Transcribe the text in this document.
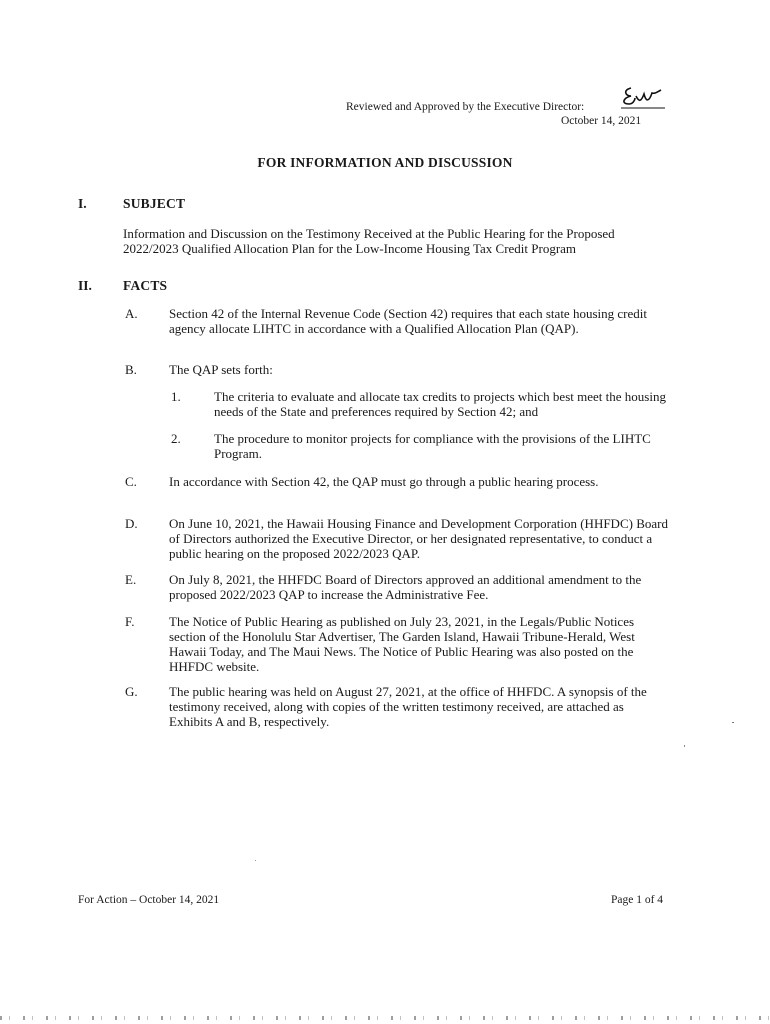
Reviewed and Approved by the Executive Director:
October 14, 2021
FOR INFORMATION AND DISCUSSION
I.	SUBJECT
Information and Discussion on the Testimony Received at the Public Hearing for the Proposed 2022/2023 Qualified Allocation Plan for the Low-Income Housing Tax Credit Program
II. FACTS
A. Section 42 of the Internal Revenue Code (Section 42) requires that each state housing credit agency allocate LIHTC in accordance with a Qualified Allocation Plan (QAP).
B. The QAP sets forth:
1.	The criteria to evaluate and allocate tax credits to projects which best meet the housing needs of the State and preferences required by Section 42; and
2.	The procedure to monitor projects for compliance with the provisions of the LIHTC Program.
C. In accordance with Section 42, the QAP must go through a public hearing process.
D. On June 10, 2021, the Hawaii Housing Finance and Development Corporation (HHFDC) Board of Directors authorized the Executive Director, or her designated representative, to conduct a public hearing on the proposed 2022/2023 QAP.
E.	On July 8, 2021, the HHFDC Board of Directors approved an additional amendment to the proposed 2022/2023 QAP to increase the Administrative Fee.
F.	The Notice of Public Hearing as published on July 23, 2021, in the Legals/Public Notices section of the Honolulu Star Advertiser, The Garden Island, Hawaii Tribune-Herald, West Hawaii Today, and The Maui News. The Notice of Public Hearing was also posted on the HHFDC website.
G. The public hearing was held on August 27, 2021, at the office of HHFDC. A synopsis of the testimony received, along with copies of the written testimony received, are attached as Exhibits A and B, respectively.
For Action – October 14, 2021	Page 1 of 4
